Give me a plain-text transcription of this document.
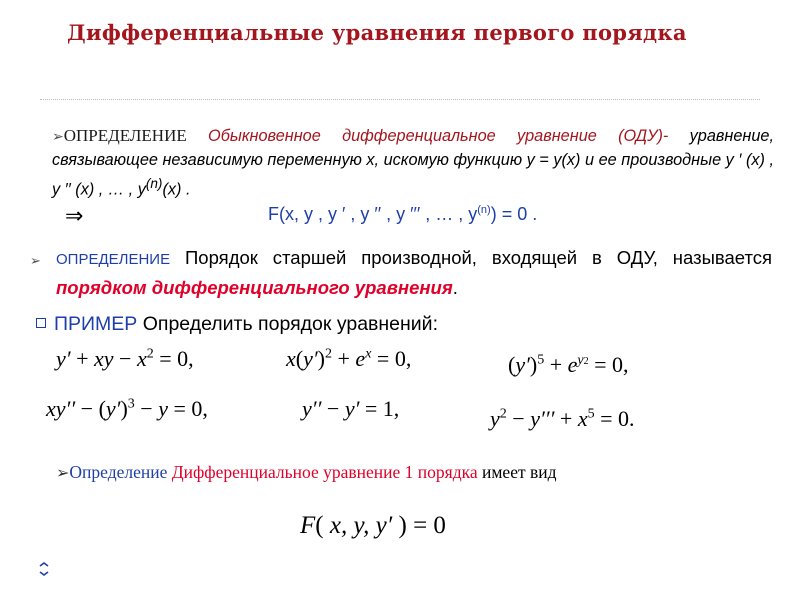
Дифференциальные уравнения первого порядка
➢ОПРЕДЕЛЕНИЕ Обыкновенное дифференциальное уравнение (ОДУ)- уравнение, связывающее независимую переменную x, искомую функцию y = y(x) и ее производные y ′ (x) , y ′′ (x) , … , $y^{(n)}(x)$ .
⇒	F(x, y , y ′ , y ′′ , y ′′′ , … , $y^{(n)}) = 0$ .
➢ ОПРЕДЕЛЕНИЕ Порядок старшей производной, входящей в ОДУ, называется порядком дифференциального уравнения.
ПРИМЕР Определить порядок уравнений:
y′ + xy − $x^2 = 0$,	$x(y')^2 + e^x = 0$,	$(y')^5 + e^{y2} = 0$,
$xy'' - (y')^3 - y = 0$,	y′′ − y′ = 1,	$y^2 - y''' + x^5 = 0$.
➢Определение Дифференциальное уравнение 1 порядка имеет вид
F( x, y, y′ ) = 0
